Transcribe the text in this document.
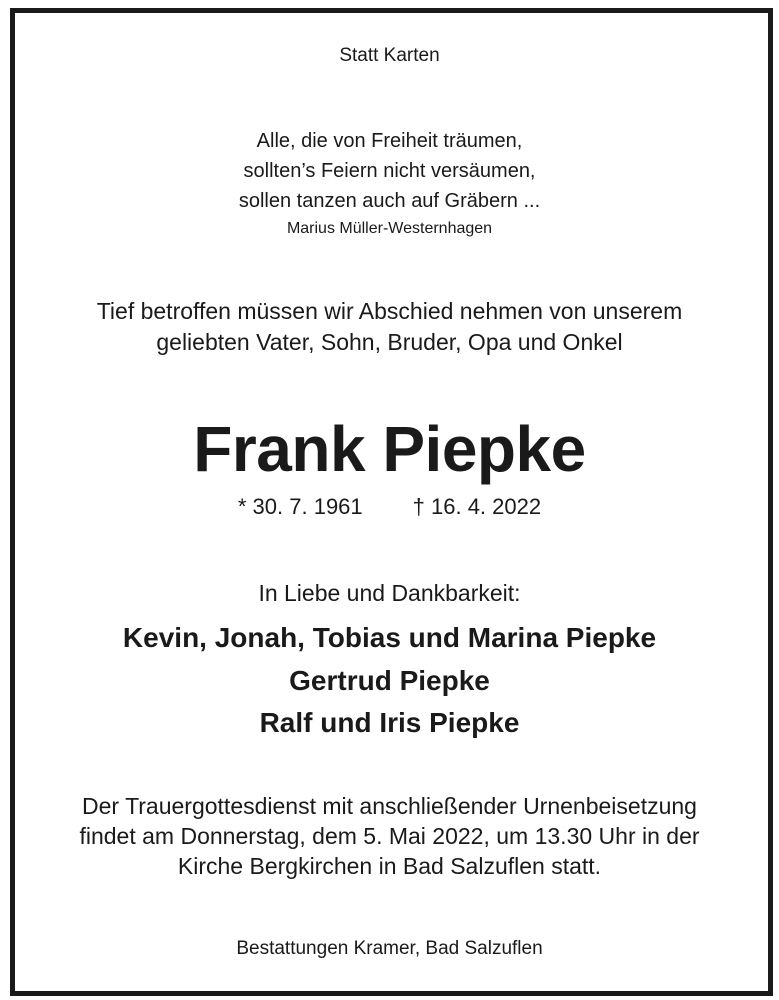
Statt Karten
Alle, die von Freiheit träumen,
sollten’s Feiern nicht versäumen,
sollen tanzen auch auf Gräbern ...
Marius Müller-Westernhagen
Tief betroffen müssen wir Abschied nehmen von unserem
geliebten Vater, Sohn, Bruder, Opa und Onkel
Frank Piepke
* 30. 7. 1961 † 16. 4. 2022
In Liebe und Dankbarkeit:
Kevin, Jonah, Tobias und Marina Piepke
Gertrud Piepke
Ralf und Iris Piepke
Der Trauergottesdienst mit anschließender Urnenbeisetzung
findet am Donnerstag, dem 5. Mai 2022, um 13.30 Uhr in der
Kirche Bergkirchen in Bad Salzuflen statt.
Bestattungen Kramer, Bad Salzuflen
